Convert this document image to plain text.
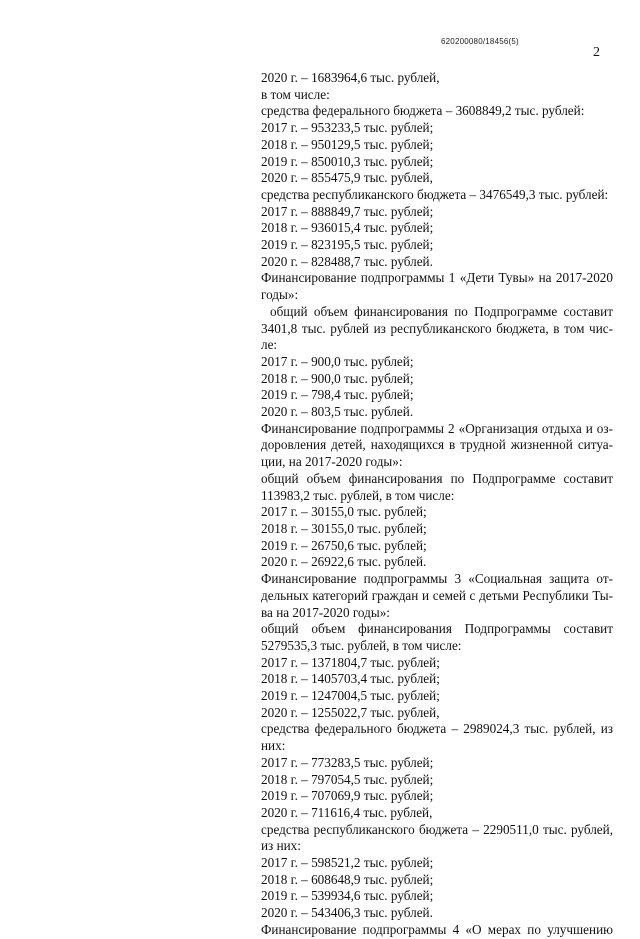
620200080/18456(5)
2
2020 г. – 1683964,6 тыс. рублей,
в том числе:
средства федерального бюджета – 3608849,2 тыс. рублей:
2017 г. – 953233,5 тыс. рублей;
2018 г. – 950129,5 тыс. рублей;
2019 г. – 850010,3 тыс. рублей;
2020 г. – 855475,9 тыс. рублей,
средства республиканского бюджета – 3476549,3 тыс. рублей:
2017 г. – 888849,7 тыс. рублей;
2018 г. – 936015,4 тыс. рублей;
2019 г. – 823195,5 тыс. рублей;
2020 г. – 828488,7 тыс. рублей.
Финансирование подпрограммы 1 «Дети Тувы» на 2017-2020
годы»:
общий объем финансирования по Подпрограмме составит
3401,8 тыс. рублей из республиканского бюджета, в том чис-
ле:
2017 г. – 900,0 тыс. рублей;
2018 г. – 900,0 тыс. рублей;
2019 г. – 798,4 тыс. рублей;
2020 г. – 803,5 тыс. рублей.
Финансирование подпрограммы 2 «Организация отдыха и оз-
доровления детей, находящихся в трудной жизненной ситуа-
ции, на 2017-2020 годы»:
общий объем финансирования по Подпрограмме составит
113983,2 тыс. рублей, в том числе:
2017 г. – 30155,0 тыс. рублей;
2018 г. – 30155,0 тыс. рублей;
2019 г. – 26750,6 тыс. рублей;
2020 г. – 26922,6 тыс. рублей.
Финансирование подпрограммы 3 «Социальная защита от-
дельных категорий граждан и семей с детьми Республики Ты-
ва на 2017-2020 годы»:
общий объем финансирования Подпрограммы составит
5279535,3 тыс. рублей, в том числе:
2017 г. – 1371804,7 тыс. рублей;
2018 г. – 1405703,4 тыс. рублей;
2019 г. – 1247004,5 тыс. рублей;
2020 г. – 1255022,7 тыс. рублей,
средства федерального бюджета – 2989024,3 тыс. рублей, из
них:
2017 г. – 773283,5 тыс. рублей;
2018 г. – 797054,5 тыс. рублей;
2019 г. – 707069,9 тыс. рублей;
2020 г. – 711616,4 тыс. рублей,
средства республиканского бюджета – 2290511,0 тыс. рублей,
из них:
2017 г. – 598521,2 тыс. рублей;
2018 г. – 608648,9 тыс. рублей;
2019 г. – 539934,6 тыс. рублей;
2020 г. – 543406,3 тыс. рублей.
Финансирование подпрограммы 4 «О мерах по улучшению
